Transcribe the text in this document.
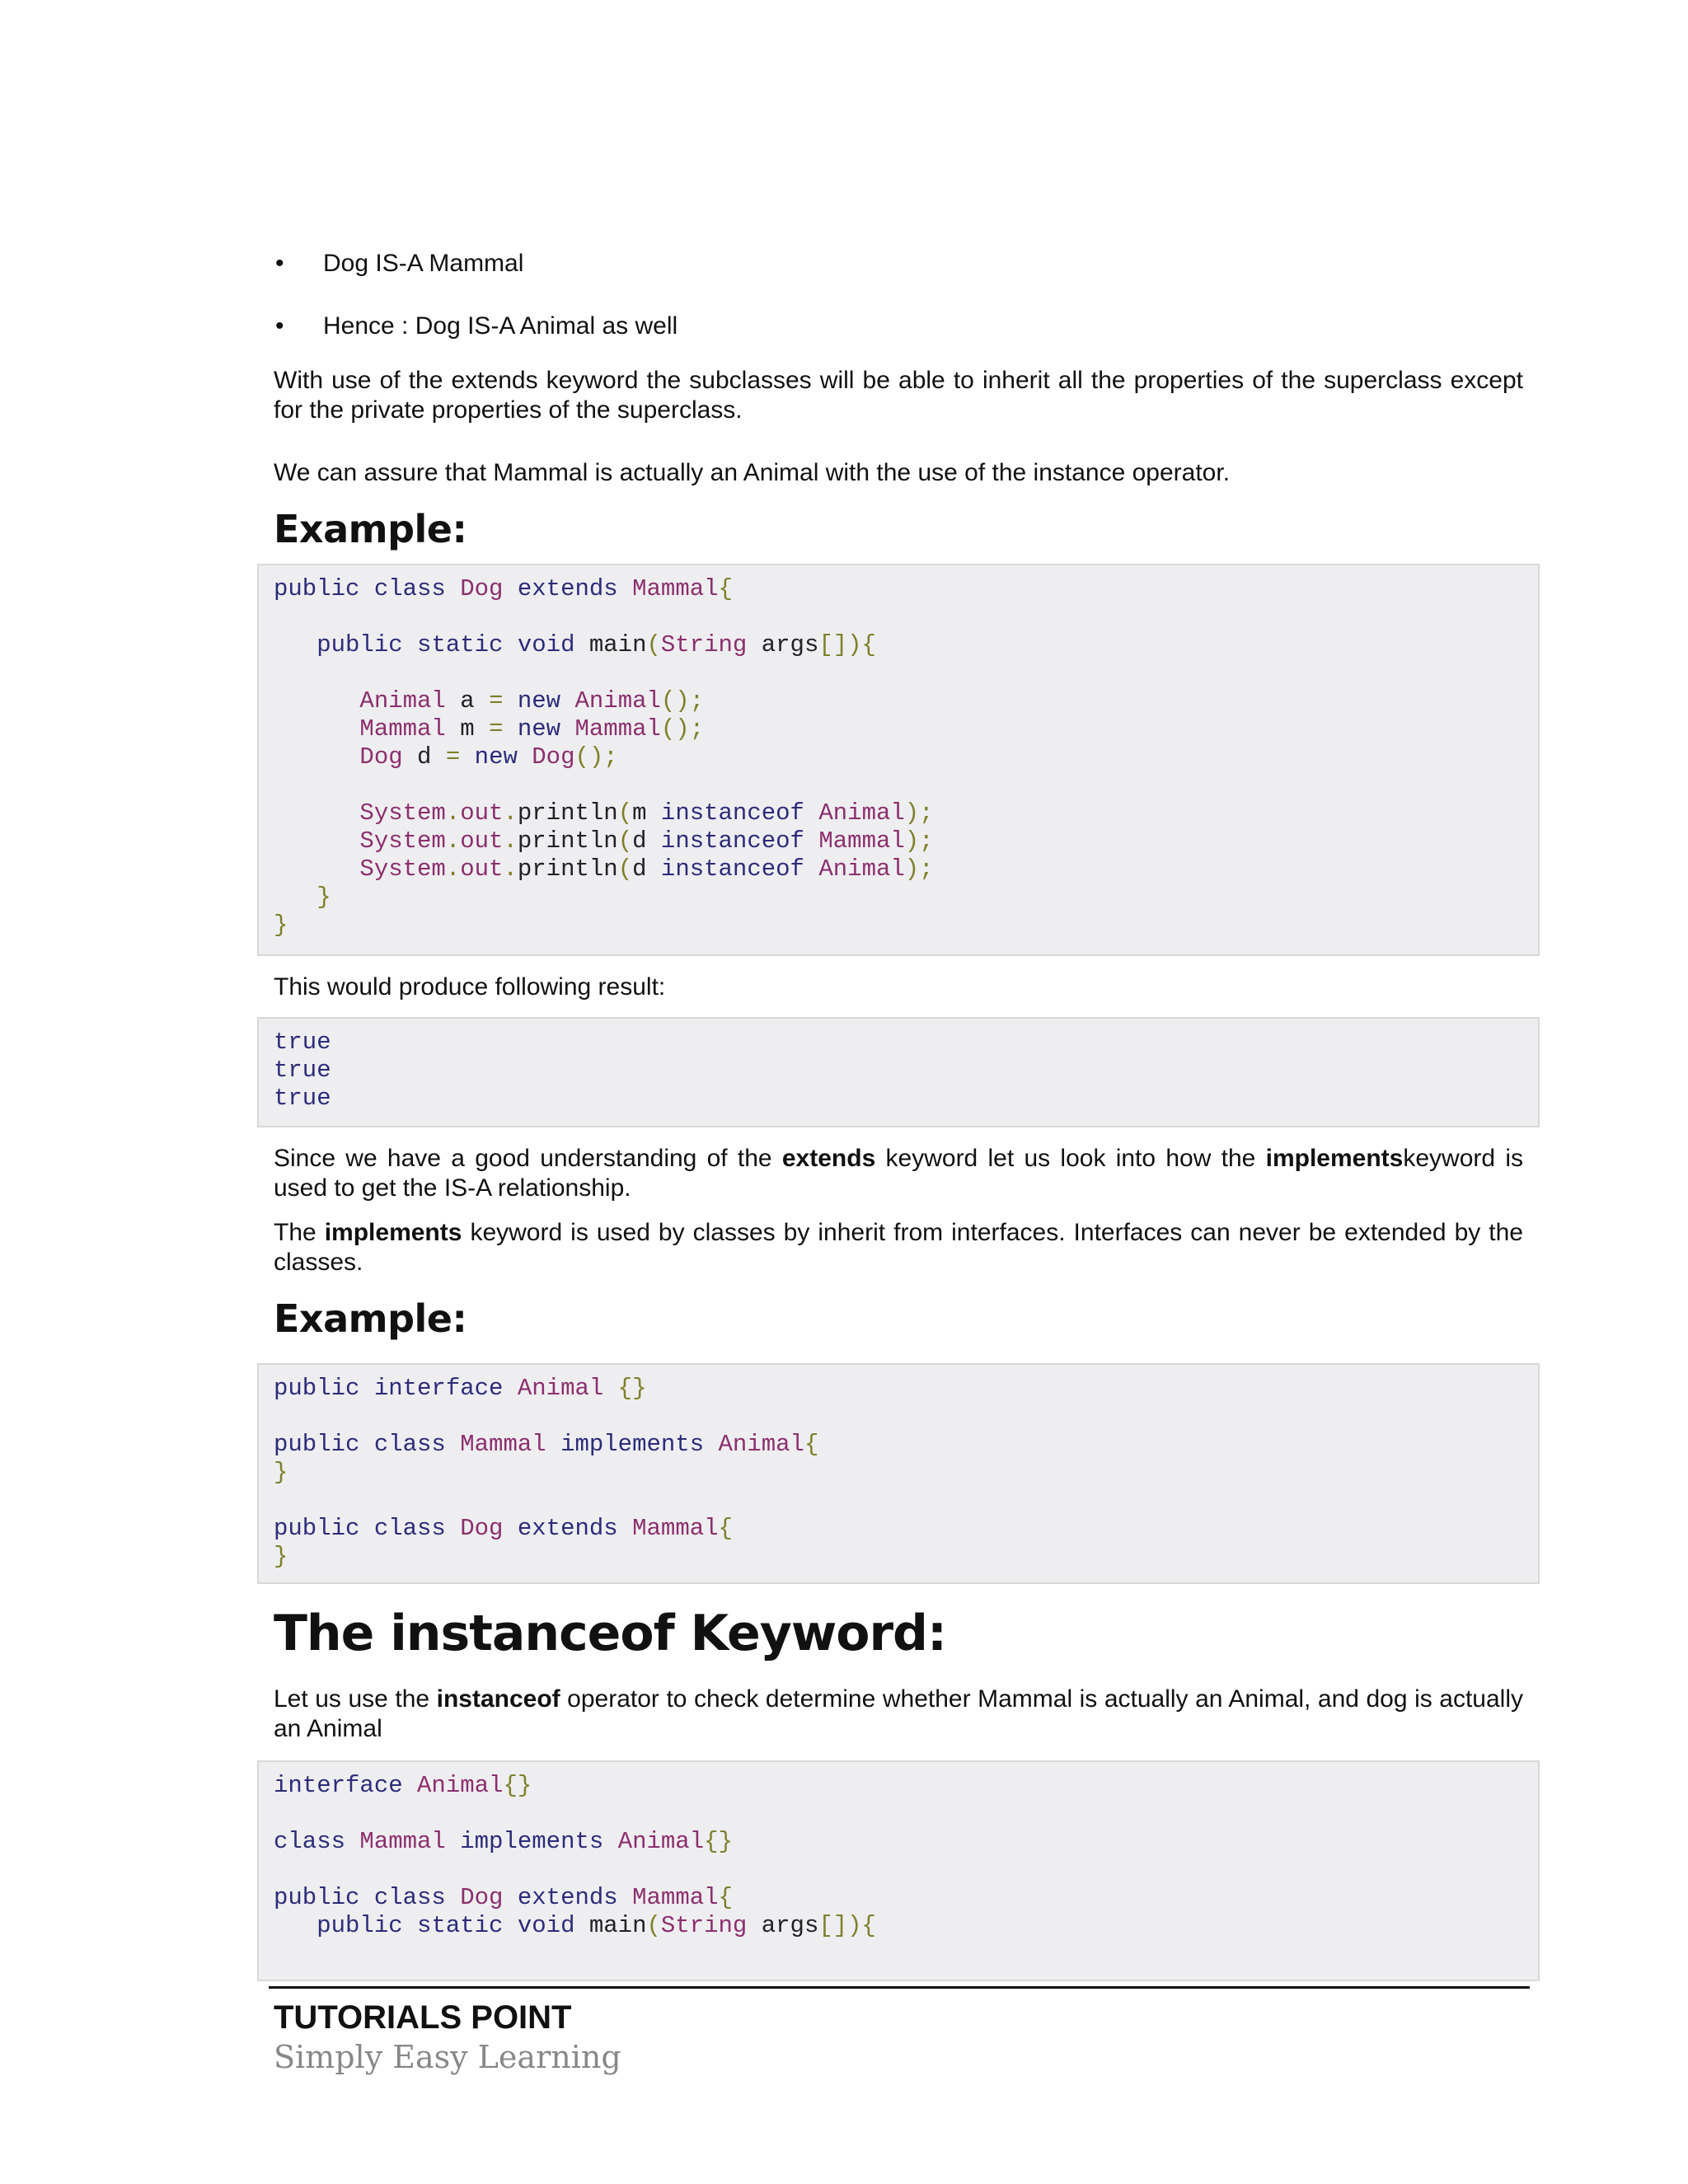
• Dog IS-A Mammal
• Hence : Dog IS-A Animal as well

With use of the extends keyword the subclasses will be able to inherit all the properties of the superclass except for the private properties of the superclass.

We can assure that Mammal is actually an Animal with the use of the instance operator.

Example:
public class Dog extends Mammal{

public static void main(String args[]){

Animal a = new Animal();
Mammal m = new Mammal();
Dog d = new Dog();

System.out.println(m instanceof Animal);
System.out.println(d instanceof Mammal);
System.out.println(d instanceof Animal);
}
}

This would produce following result:

true
true
true

Since we have a good understanding of the extends keyword let us look into how the implementskeyword is used to get the IS-A relationship.

The implements keyword is used by classes by inherit from interfaces. Interfaces can never be extended by the classes.

Example:
public interface Animal {}

public class Mammal implements Animal{
}

public class Dog extends Mammal{
}
The instanceof Keyword:

Let us use the instanceof operator to check determine whether Mammal is actually an Animal, and dog is actually an Animal

interface Animal{}

class Mammal implements Animal{}

public class Dog extends Mammal{
public static void main(String args[]){

TUTORIALS POINT

Simply Easy Learning
